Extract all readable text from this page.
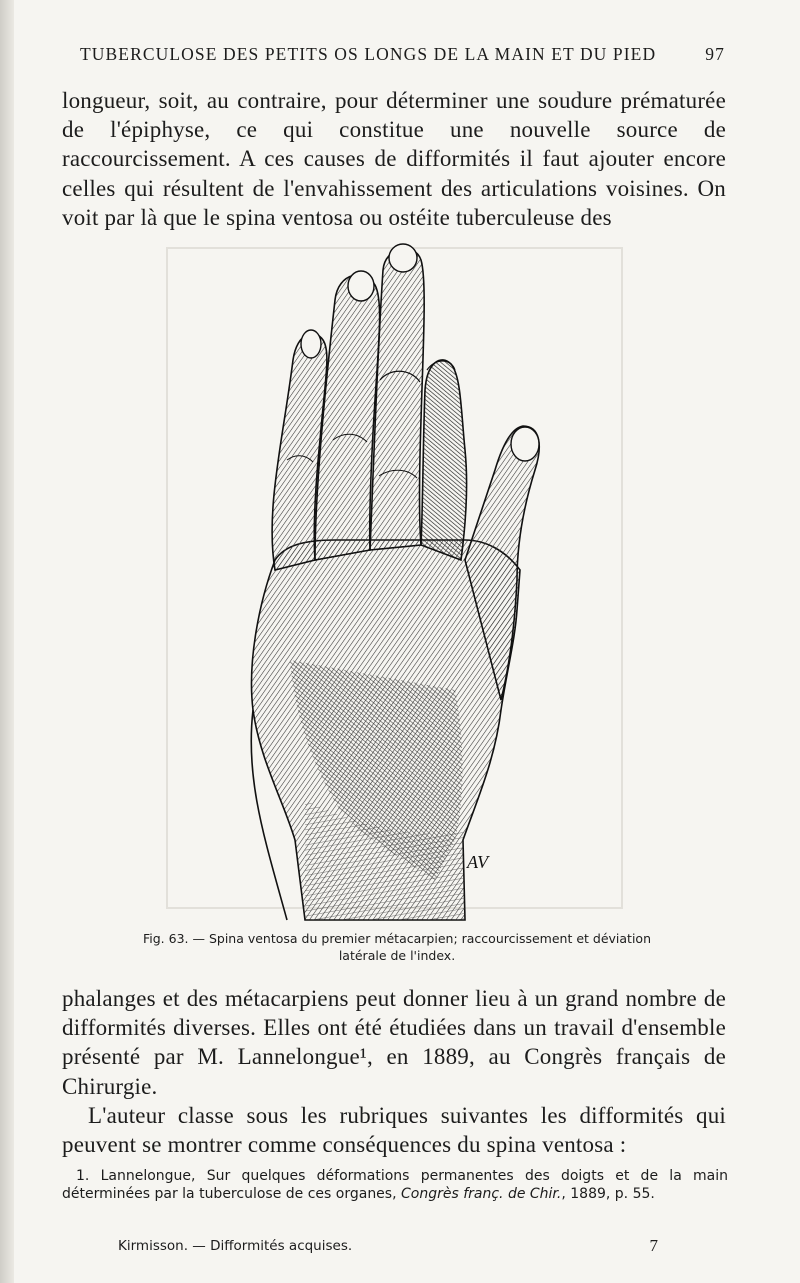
TUBERCULOSE DES PETITS OS LONGS DE LA MAIN ET DU PIED	97

longueur, soit, au contraire, pour déterminer une soudure prématurée de l'épiphyse, ce qui constitue une nouvelle source de raccourcissement. A ces causes de difformités il faut ajouter encore celles qui résultent de l'envahissement des articulations voisines. On voit par là que le spina ventosa ou ostéite tuberculeuse des

AV

Fig. 63. — Spina ventosa du premier métacarpien; raccourcissement et déviation

latérale de l'index.

phalanges et des métacarpiens peut donner lieu à un grand nombre de difformités diverses. Elles ont été étudiées dans un travail d'ensemble présenté par M. Lannelongue¹, en 1889, au Congrès français de Chirurgie.

L'auteur classe sous les rubriques suivantes les difformités qui peuvent se montrer comme conséquences du spina ventosa :

1. Lannelongue, Sur quelques déformations permanentes des doigts et de la main déterminées par la tuberculose de ces organes, Congrès franç. de Chir., 1889, p. 55.

Kirmisson. — Difformités acquises.	7
